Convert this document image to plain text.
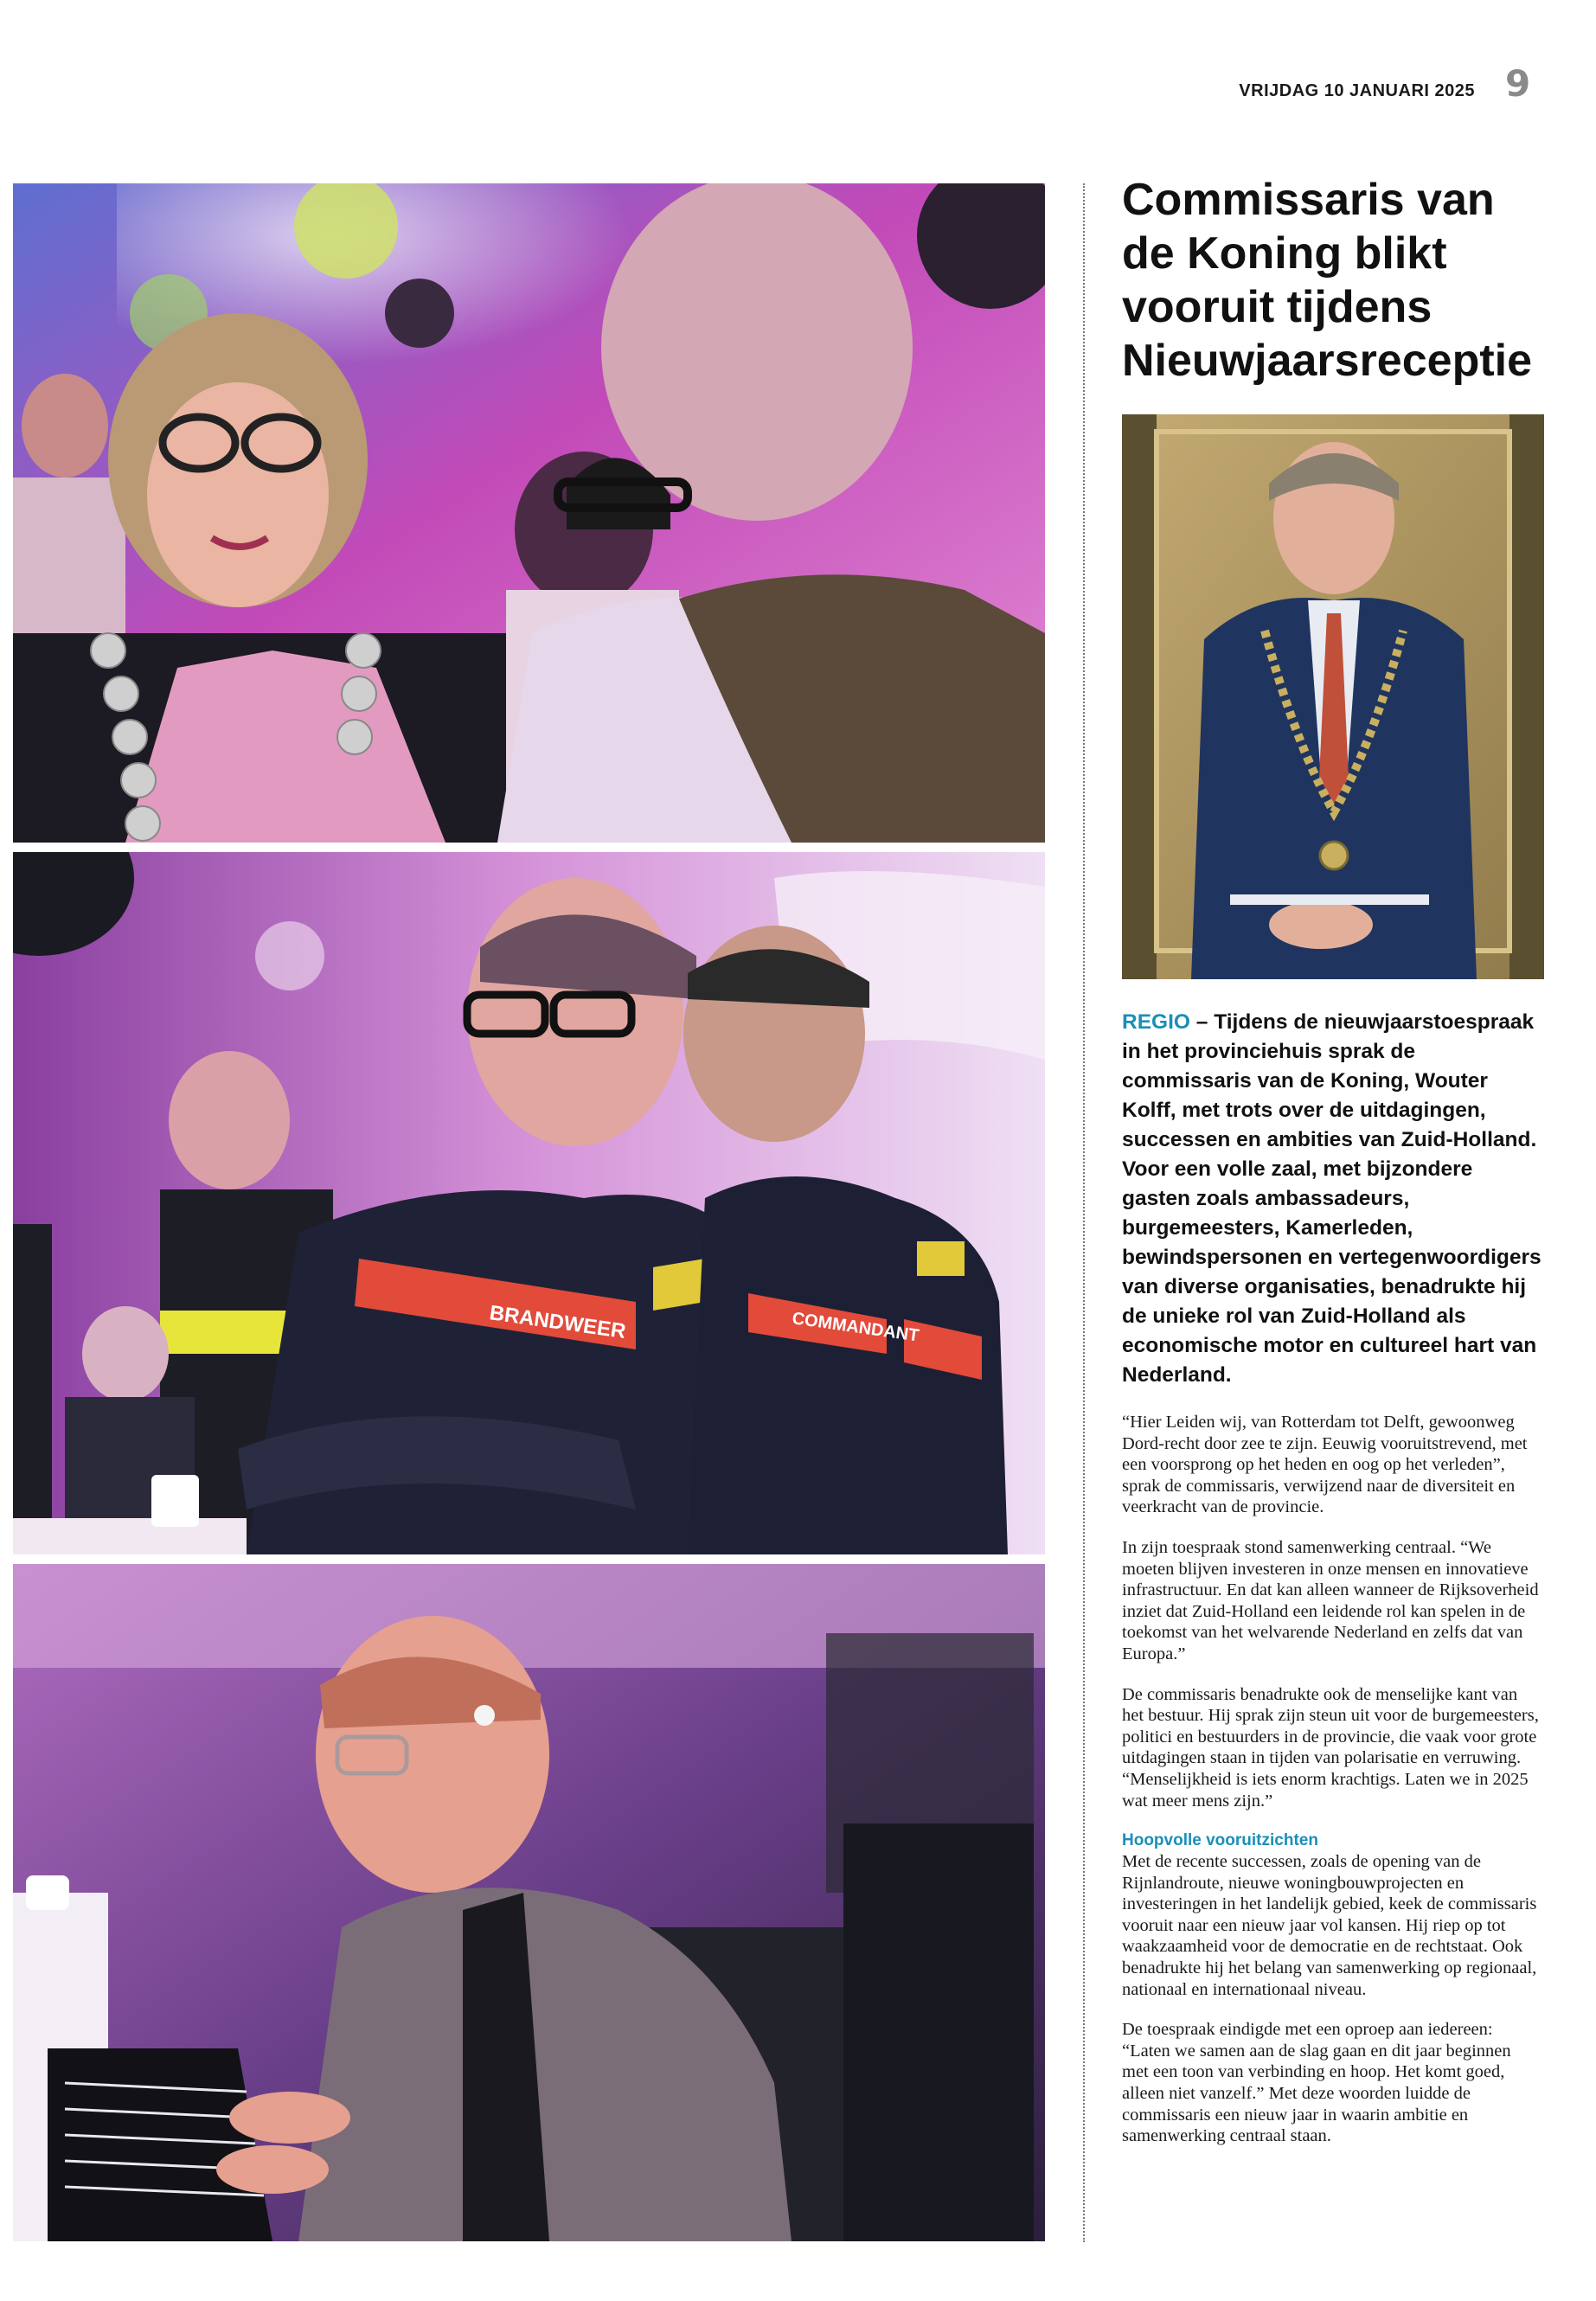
VRIJDAG 10 JANUARI 2025 9
BRANDWEER	COMMANDANT
Commissaris van de Koning blikt vooruit tijdens Nieuwjaarsreceptie

REGIO – Tijdens de nieuwjaarstoespraak in het provinciehuis sprak de commissaris van de Koning, Wouter Kolff, met trots over de uitdagingen, successen en ambities van Zuid-Holland. Voor een volle zaal, met bijzondere gasten zoals ambassadeurs, burgemeesters, Kamerleden, bewindspersonen en vertegenwoordigers van diverse organisaties, benadrukte hij de unieke rol van Zuid-Holland als economische motor en cultureel hart van Nederland.

“Hier Leiden wij, van Rotterdam tot Delft, gewoonweg Dord-recht door zee te zijn. Eeuwig vooruitstrevend, met een voorsprong op het heden en oog op het verleden”, sprak de commissaris, verwijzend naar de diversiteit en veerkracht van de provincie.

In zijn toespraak stond samenwerking centraal. “We moeten blijven investeren in onze mensen en innovatieve infrastructuur. En dat kan alleen wanneer de Rijksoverheid inziet dat Zuid-Holland een leidende rol kan spelen in de toekomst van het welvarende Nederland en zelfs dat van Europa.”

De commissaris benadrukte ook de menselijke kant van het bestuur. Hij sprak zijn steun uit voor de burgemeesters, politici en bestuurders in de provincie, die vaak voor grote uitdagingen staan in tijden van polarisatie en verruwing. “Menselijkheid is iets enorm krachtigs. Laten we in 2025 wat meer mens zijn.”

Hoopvolle vooruitzichten

Met de recente successen, zoals de opening van de Rijnlandroute, nieuwe woningbouwprojecten en investeringen in het landelijk gebied, keek de commissaris vooruit naar een nieuw jaar vol kansen. Hij riep op tot waakzaamheid voor de democratie en de rechtstaat. Ook benadrukte hij het belang van samenwerking op regionaal, nationaal en internationaal niveau.

De toespraak eindigde met een oproep aan iedereen: “Laten we samen aan de slag gaan en dit jaar beginnen met een toon van verbinding en hoop. Het komt goed, alleen niet vanzelf.” Met deze woorden luidde de commissaris een nieuw jaar in waarin ambitie en samenwerking centraal staan.
